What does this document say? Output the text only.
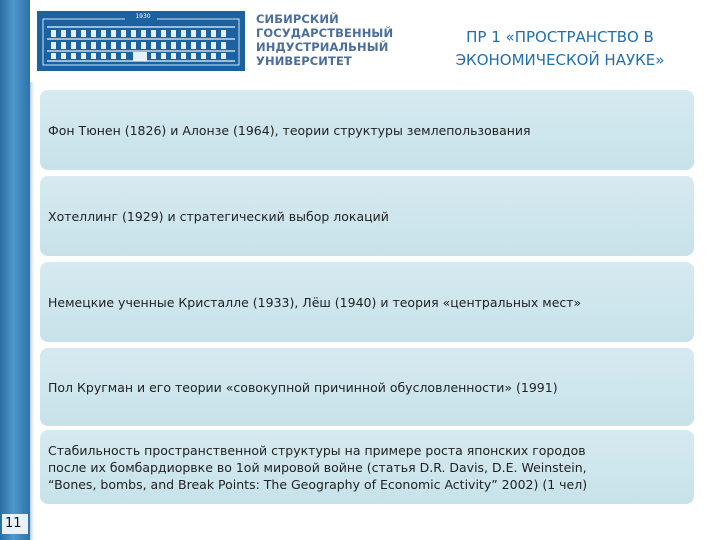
1930	СИБИРСКИЙ
ГОСУДАРСТВЕННЫЙ
ИНДУСТРИАЛЬНЫЙ
УНИВЕРСИТЕТ
ПР 1 «ПРОСТРАНСТВО В
ЭКОНОМИЧЕСКОЙ НАУКЕ»
Фон Тюнен (1826) и Алонзе (1964), теории структуры землепользования
Хотеллинг (1929) и стратегический выбор локаций
Немецкие ученные Кристалле (1933), Лёш (1940) и теория «центральных мест»
Пол Кругман и его теории «совокупной причинной обусловленности» (1991)
Стабильность пространственной структуры на примере роста японских городов
после их бомбардиорвке во 1ой мировой войне (статья D.R. Davis, D.E. Weinstein,
“Bones, bombs, and Break Points: The Geography of Economic Activity” 2002) (1 чел)
11
